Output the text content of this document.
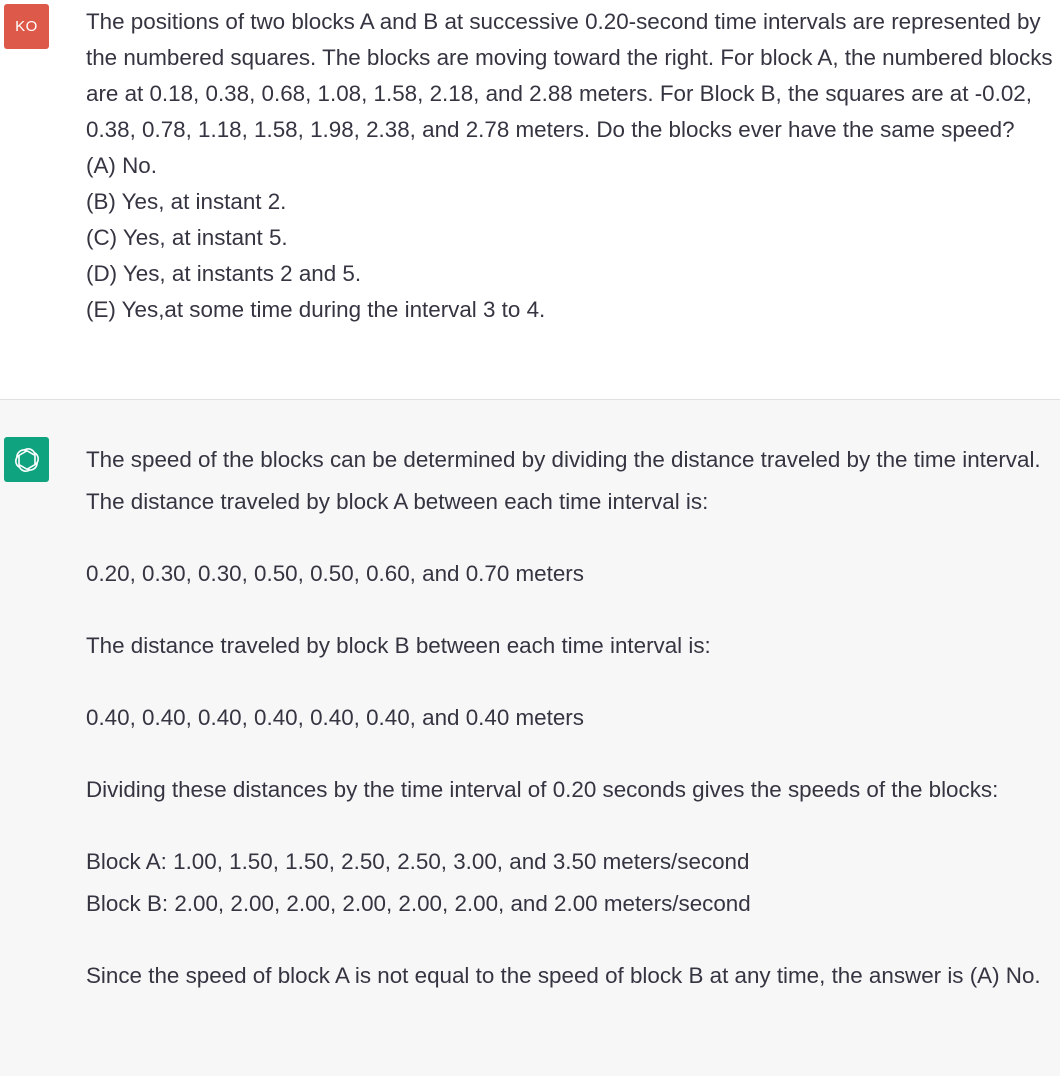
KO	The positions of two blocks A and B at successive 0.20-second time intervals are represented by the numbered squares. The blocks are moving toward the right. For block A, the numbered blocks are at 0.18, 0.38, 0.68, 1.08, 1.58, 2.18, and 2.88 meters. For Block B, the squares are at -0.02, 0.38, 0.78, 1.18, 1.58, 1.98, 2.38, and 2.78 meters. Do the blocks ever have the same speed?

(A) No.

(B) Yes, at instant 2.

(C) Yes, at instant 5.

(D) Yes, at instants 2 and 5.

(E) Yes,at some time during the interval 3 to 4.

The speed of the blocks can be determined by dividing the distance traveled by the time interval. The distance traveled by block A between each time interval is:

0.20, 0.30, 0.30, 0.50, 0.50, 0.60, and 0.70 meters

The distance traveled by block B between each time interval is:

0.40, 0.40, 0.40, 0.40, 0.40, 0.40, and 0.40 meters

Dividing these distances by the time interval of 0.20 seconds gives the speeds of the blocks:

Block A: 1.00, 1.50, 1.50, 2.50, 2.50, 3.00, and 3.50 meters/second

Block B: 2.00, 2.00, 2.00, 2.00, 2.00, 2.00, and 2.00 meters/second

Since the speed of block A is not equal to the speed of block B at any time, the answer is (A) No.
